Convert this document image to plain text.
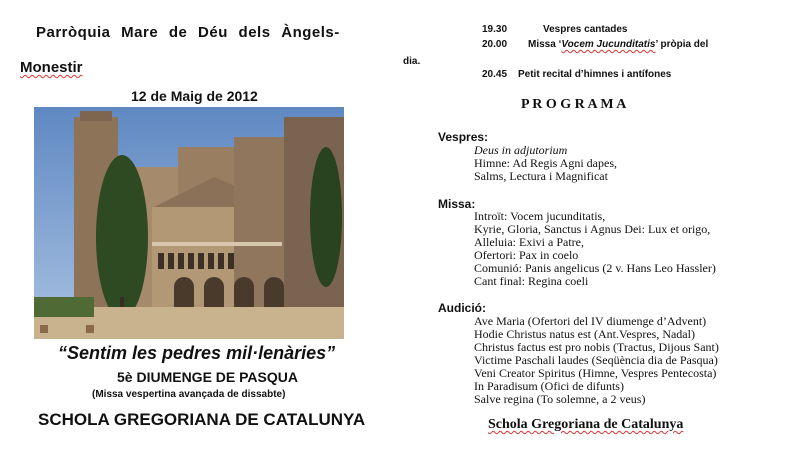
Parròquia Mare de Déu dels Àngels-
Monestir
12 de Maig de 2012
“Sentim les pedres mil·lenàries”
5è DIUMENGE DE PASQUA
(Missa vespertina avançada de dissabte)
SCHOLA GREGORIANA DE CATALUNYA
19.30	Vespres cantades
20.00 Missa ‘Vocem Jucunditatis’ pròpia del
dia.
20.45 Petit recital d’himnes i antífones
P R O G R A M A
Vespres:
Deus in adjutorium
Himne: Ad Regis Agni dapes,
Salms, Lectura i Magnificat
Missa:
Introït: Vocem jucunditatis,
Kyrie, Gloria, Sanctus i Agnus Dei: Lux et origo,
Alleluia: Exivi a Patre,
Ofertori: Pax in coelo
Comunió: Panis angelicus (2 v. Hans Leo Hassler)
Cant final: Regina coeli
Audició:
Ave Maria (Ofertori del IV diumenge d’Advent)
Hodie Christus natus est (Ant.Vespres, Nadal)
Christus factus est pro nobis (Tractus, Dijous Sant)
Victime Paschali laudes (Seqüència dia de Pasqua)
Veni Creator Spiritus (Himne, Vespres Pentecosta)
In Paradisum (Ofici de difunts)
Salve regina (To solemne, a 2 veus)
Schola Gregoriana de Catalunya
